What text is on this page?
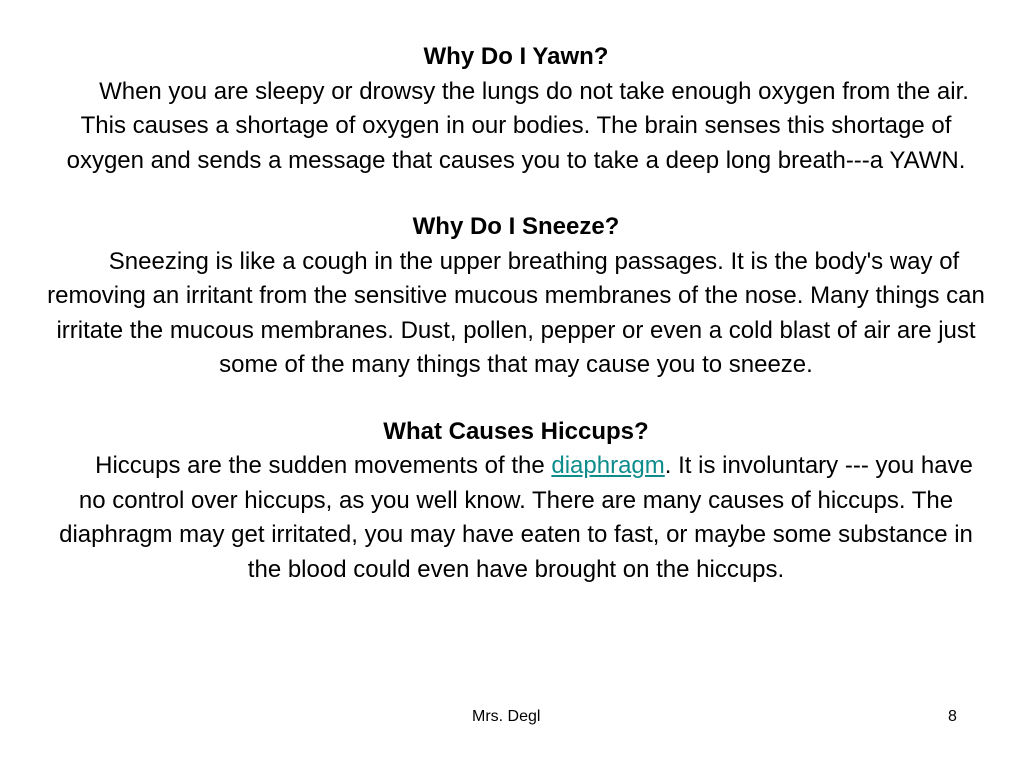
Why Do I Yawn?
When you are sleepy or drowsy the lungs do not take enough oxygen from the air. This causes a shortage of oxygen in our bodies. The brain senses this shortage of oxygen and sends a message that causes you to take a deep long breath---a YAWN.

Why Do I Sneeze?
Sneezing is like a cough in the upper breathing passages. It is the body's way of removing an irritant from the sensitive mucous membranes of the nose. Many things can irritate the mucous membranes. Dust, pollen, pepper or even a cold blast of air are just some of the many things that may cause you to sneeze.

What Causes Hiccups?
Hiccups are the sudden movements of the diaphragm. It is involuntary --- you have no control over hiccups, as you well know. There are many causes of hiccups. The diaphragm may get irritated, you may have eaten to fast, or maybe some substance in the blood could even have brought on the hiccups.

Mrs. Degl	8
